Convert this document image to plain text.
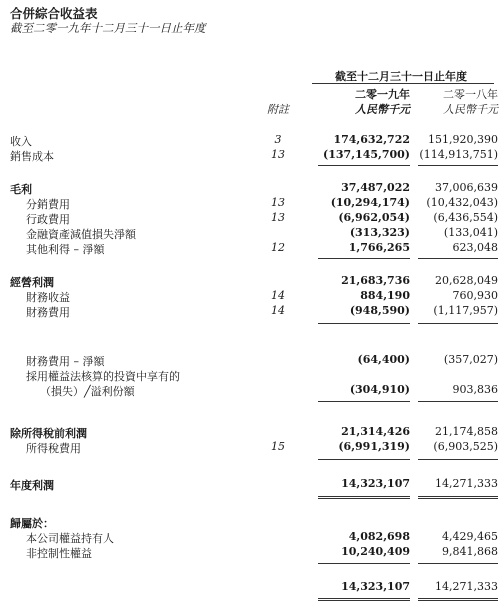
合併綜合收益表
截至二零一九年十二月三十一日止年度
截至十二月三十一日止年度
二零一九年	二零一八年
附註	人民幣千元	人民幣千元
收入	3	174,632,722	151,920,390
銷售成本	13	(137,145,700) (114,913,751)
毛利	37,487,022	37,006,639
分銷費用	13	(10,294,174)	(10,432,043)
行政費用	13	(6,962,054)	(6,436,554)
金融資產減值損失淨額	(313,323)	(133,041)
其他利得 – 淨額	12	1,766,265	623,048
經營利潤	21,683,736	20,628,049
財務收益	14	884,190	760,930
財務費用	14	(948,590)	(1,117,957)
財務費用 – 淨額	(64,400)	(357,027)
採用權益法核算的投資中享有的
（損失）╱溢利份額	(304,910)	903,836
除所得稅前利潤	21,314,426	21,174,858
所得稅費用	15	(6,991,319)	(6,903,525)
年度利潤	14,323,107	14,271,333
歸屬於：
本公司權益持有人	4,082,698	4,429,465
非控制性權益	10,240,409	9,841,868
14,323,107	14,271,333
